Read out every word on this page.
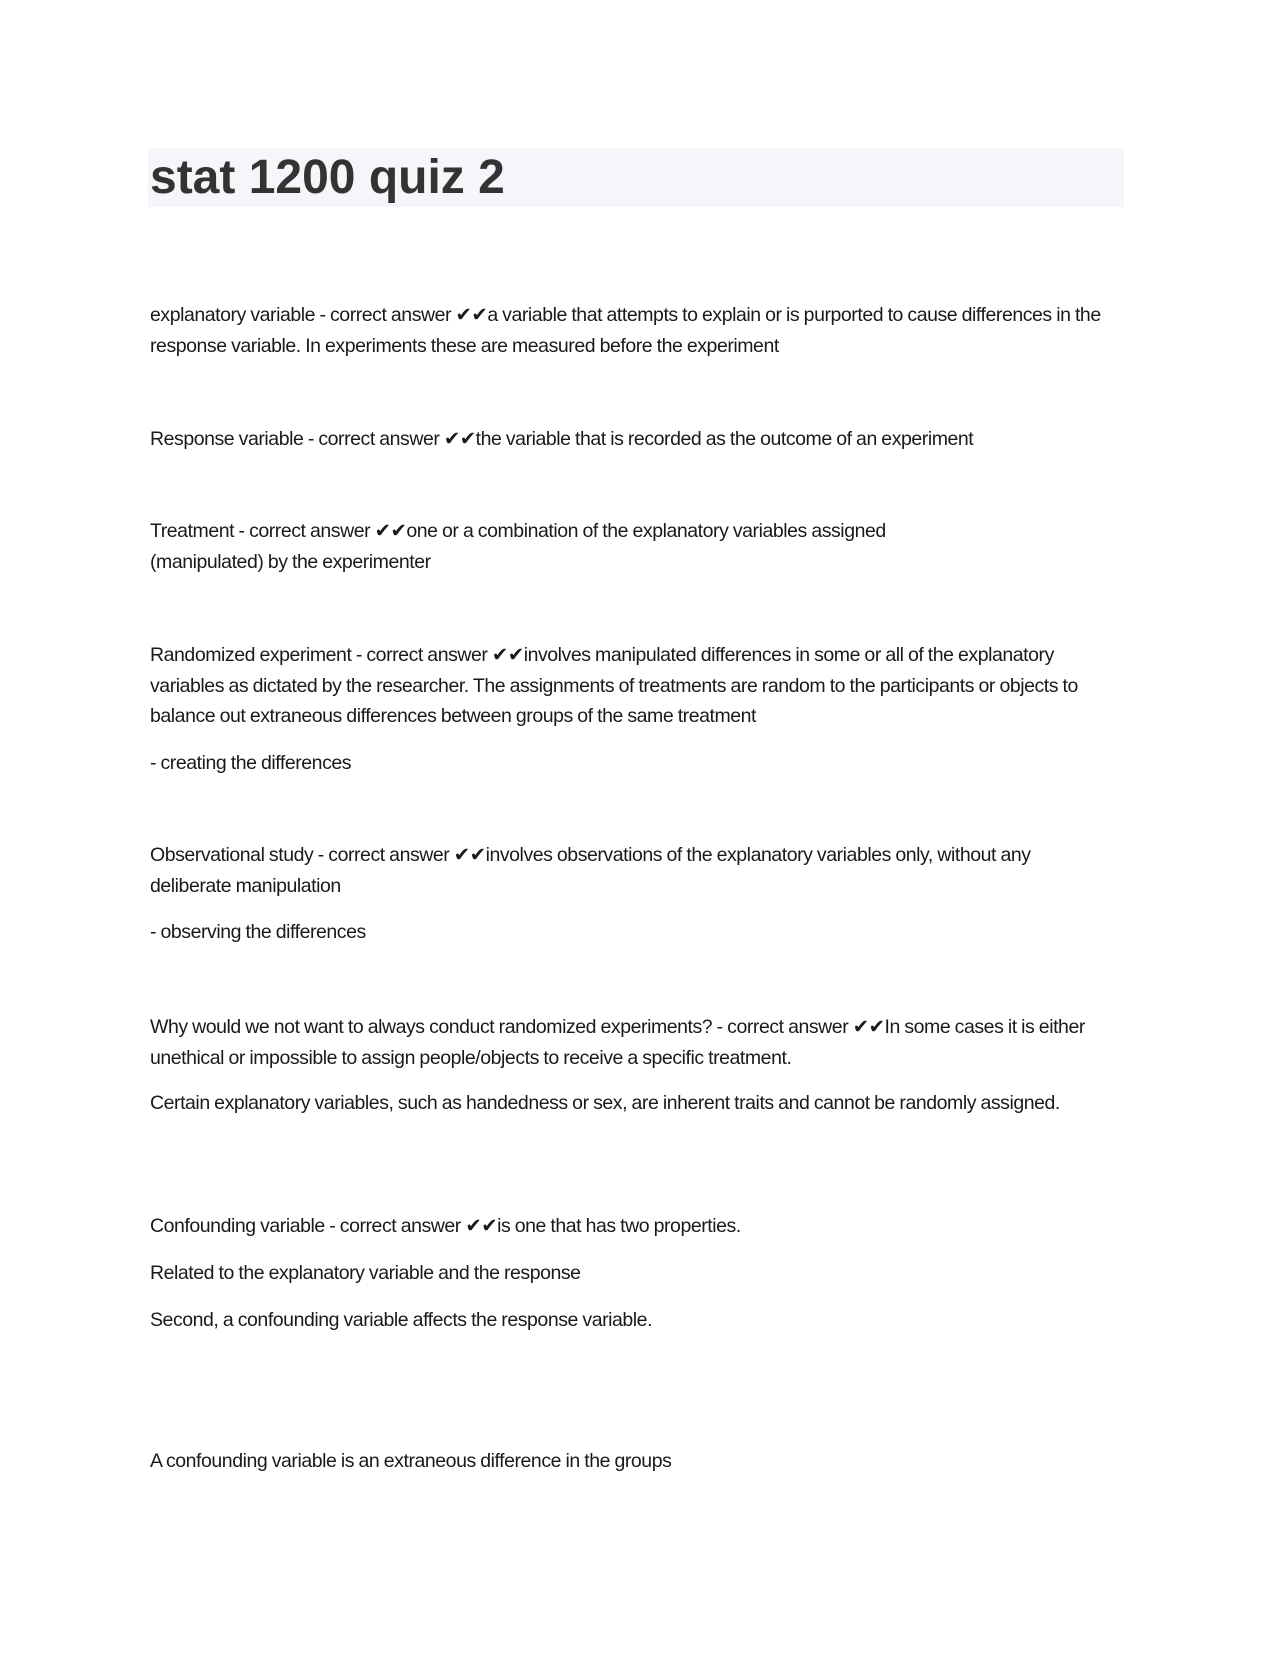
stat 1200 quiz 2

explanatory variable - correct answer ✔✔a variable that attempts to explain or is purported to cause differences in the response variable. In experiments these are measured before the experiment

Response variable - correct answer ✔✔the variable that is recorded as the outcome of an experiment

Treatment - correct answer ✔✔one or a combination of the explanatory variables assigned (manipulated) by the experimenter

Randomized experiment - correct answer ✔✔involves manipulated differences in some or all of the explanatory variables as dictated by the researcher. The assignments of treatments are random to the participants or objects to balance out extraneous differences between groups of the same treatment

- creating the differences

Observational study - correct answer ✔✔involves observations of the explanatory variables only, without any deliberate manipulation

- observing the differences

Why would we not want to always conduct randomized experiments? - correct answer ✔✔In some cases it is either unethical or impossible to assign people/objects to receive a specific treatment.

Certain explanatory variables, such as handedness or sex, are inherent traits and cannot be randomly assigned.

Confounding variable - correct answer ✔✔is one that has two properties.

Related to the explanatory variable and the response

Second, a confounding variable affects the response variable.

A confounding variable is an extraneous difference in the groups
